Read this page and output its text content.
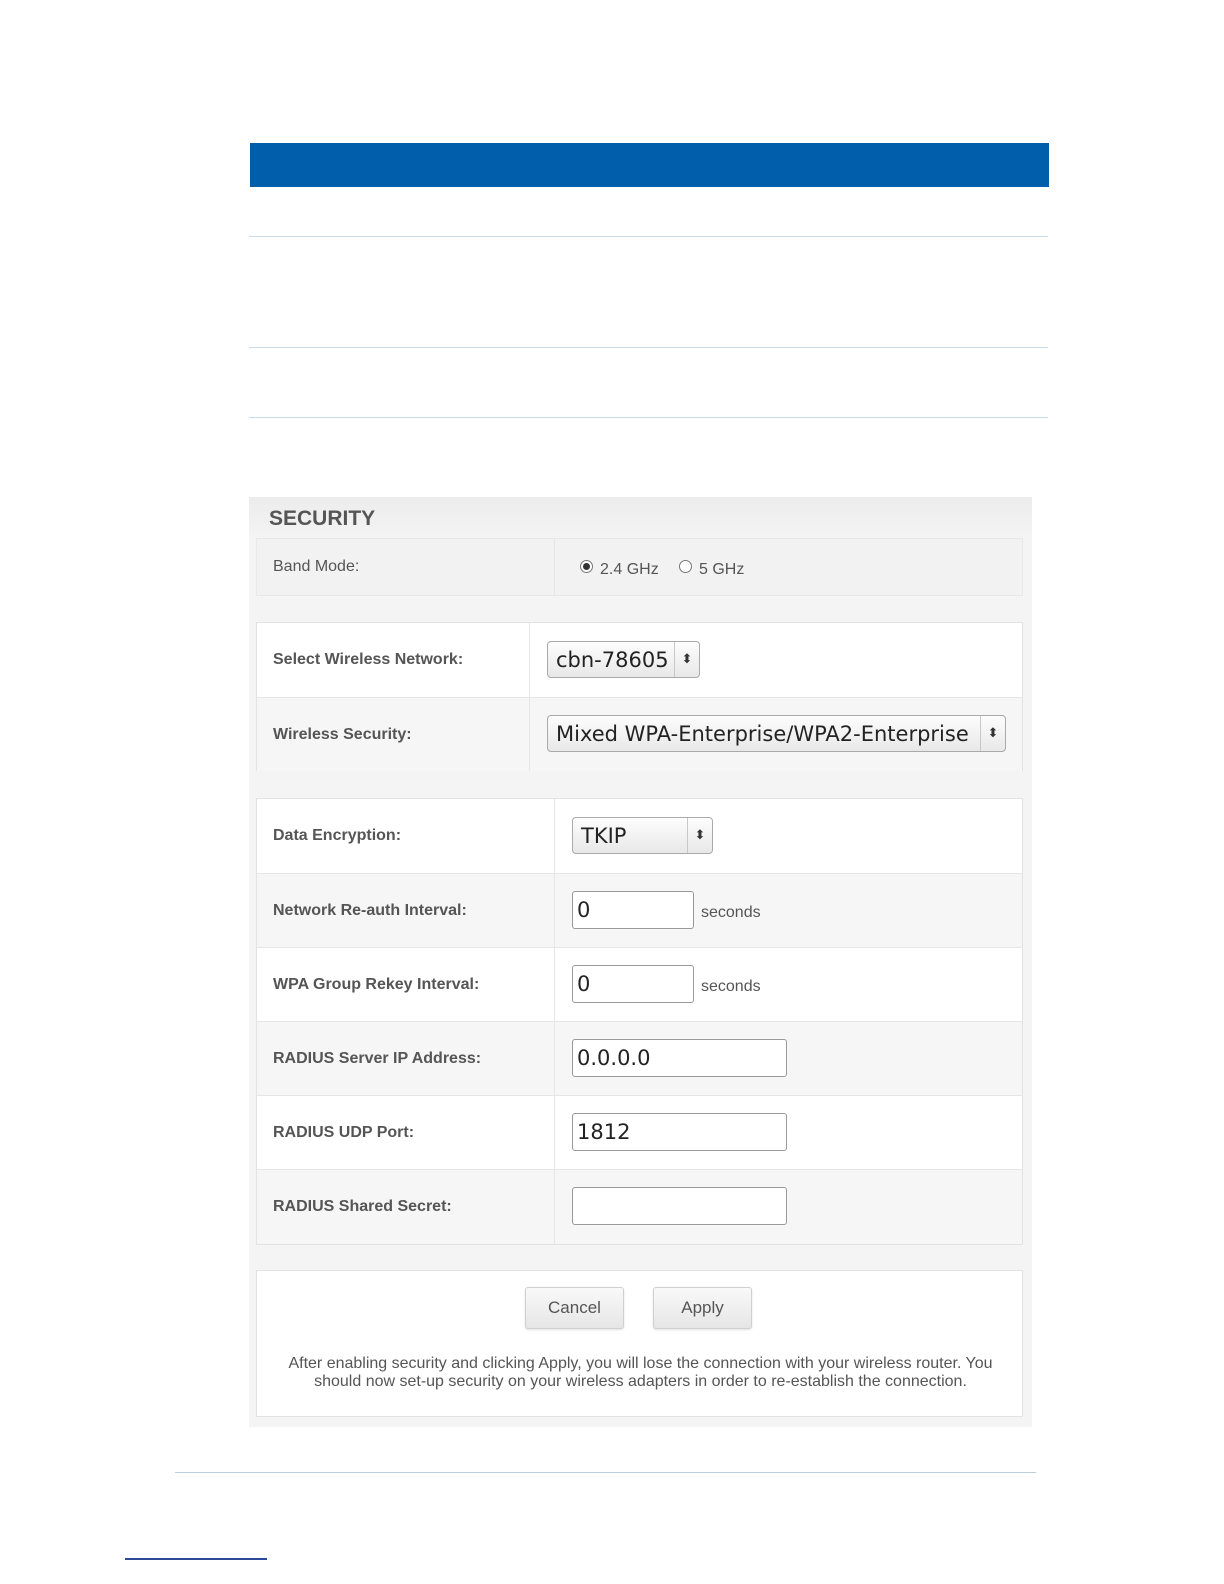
SECURITY
Band Mode:	2.4 GHz	5 GHz
Select Wireless Network:	cbn-78605 ⬍
Wireless Security:	Mixed WPA-Enterprise/WPA2-Enterprise	⬍
Data Encryption:	TKIP	⬍
Network Re-auth Interval:	0	seconds
WPA Group Rekey Interval:	0	seconds
RADIUS Server IP Address:	0.0.0.0
RADIUS UDP Port:	1812
RADIUS Shared Secret:
Cancel	Apply
After enabling security and clicking Apply, you will lose the connection with your wireless router. You should now set-up security on your wireless adapters in order to re-establish the connection.
